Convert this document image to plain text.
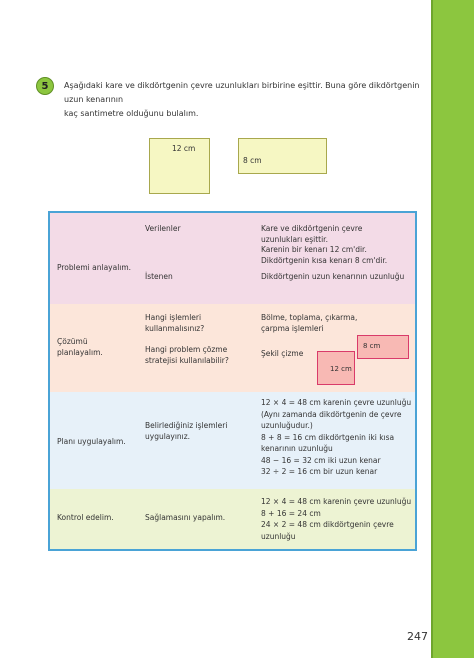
5 Aşağıdaki kare ve dikdörtgenin çevre uzunlukları birbirine eşittir. Buna göre dikdörtgenin uzun kenarının
kaç santimetre olduğunu bulalım.
12 cm
8 cm
Problemi anlayalım.
Verilenler
İstenen
Kare ve dikdörtgenin çevre
uzunlukları eşittir.
Karenin bir kenarı 12 cm'dir.
Dikdörtgenin kısa kenarı 8 cm'dir.
Dikdörtgenin uzun kenarının uzunluğu
Çözümü
planlayalım.
Hangi işlemleri
kullanmalısınız?
Hangi problem çözme
stratejisi kullanılabilir?
Bölme, toplama, çıkarma,
çarpma işlemleri
Şekil çizme
8 cm
12 cm
Planı uygulayalım.
Belirlediğiniz işlemleri
uygulayınız.
12 × 4 = 48 cm karenin çevre uzunluğu
(Aynı zamanda dikdörtgenin de çevre
uzunluğudur.)
8 + 8 = 16 cm dikdörtgenin iki kısa
kenarının uzunluğu
48 − 16 = 32 cm iki uzun kenar
32 ÷ 2 = 16 cm bir uzun kenar
Kontrol edelim.	Sağlamasını yapalım.
12 × 4 = 48 cm karenin çevre uzunluğu
8 + 16 = 24 cm
24 × 2 = 48 cm dikdörtgenin çevre
uzunluğu
247
